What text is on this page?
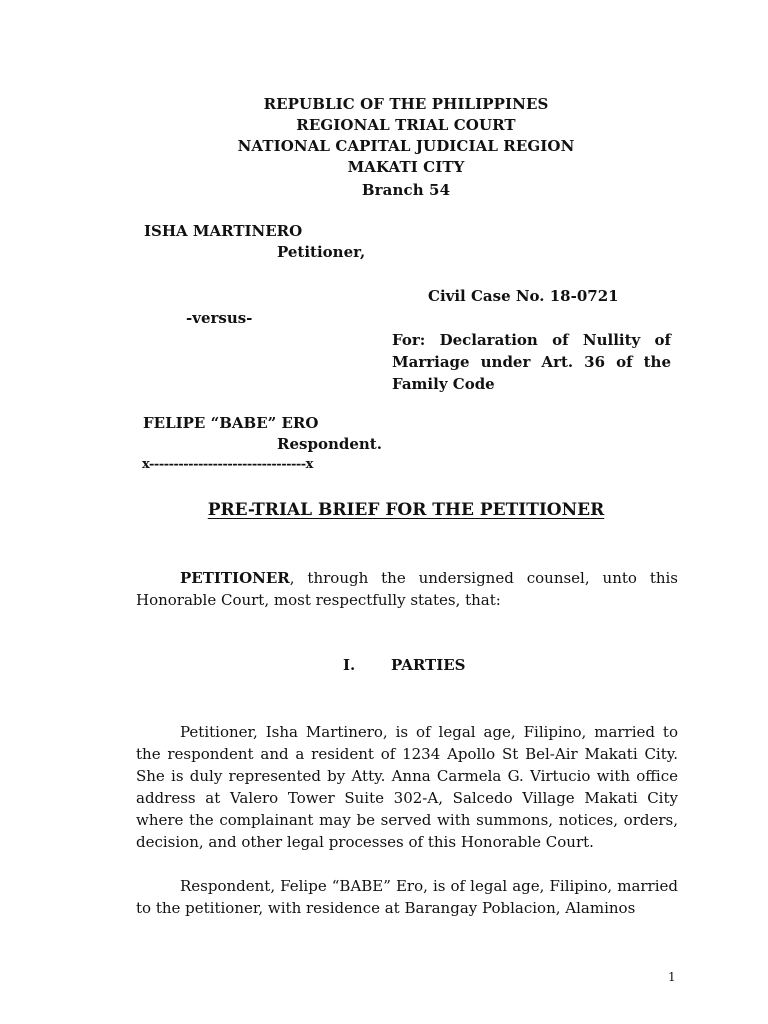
REPUBLIC OF THE PHILIPPINES
REGIONAL TRIAL COURT
NATIONAL CAPITAL JUDICIAL REGION
MAKATI CITY
Branch 54
ISHA MARTINERO
Petitioner,
Civil Case No. 18-0721
-versus-
For: Declaration of Nullity of
Marriage under Art. 36 of the
Family Code
FELIPE “BABE” ERO
Respondent.
x--------------------------------x
PRE-TRIAL BRIEF FOR THE PETITIONER
PETITIONER, through the undersigned counsel, unto this Honorable Court, most respectfully states, that:
I. PARTIES
Petitioner, Isha Martinero, is of legal age, Filipino, married to the respondent and a resident of 1234 Apollo St Bel-Air Makati City. She is duly represented by Atty. Anna Carmela G. Virtucio with office address at Valero Tower Suite 302-A, Salcedo Village Makati City where the complainant may be served with summons, notices, orders, decision, and other legal processes of this Honorable Court.
Respondent, Felipe “BABE” Ero, is of legal age, Filipino, married to the petitioner, with residence at Barangay Poblacion, Alaminos
1
